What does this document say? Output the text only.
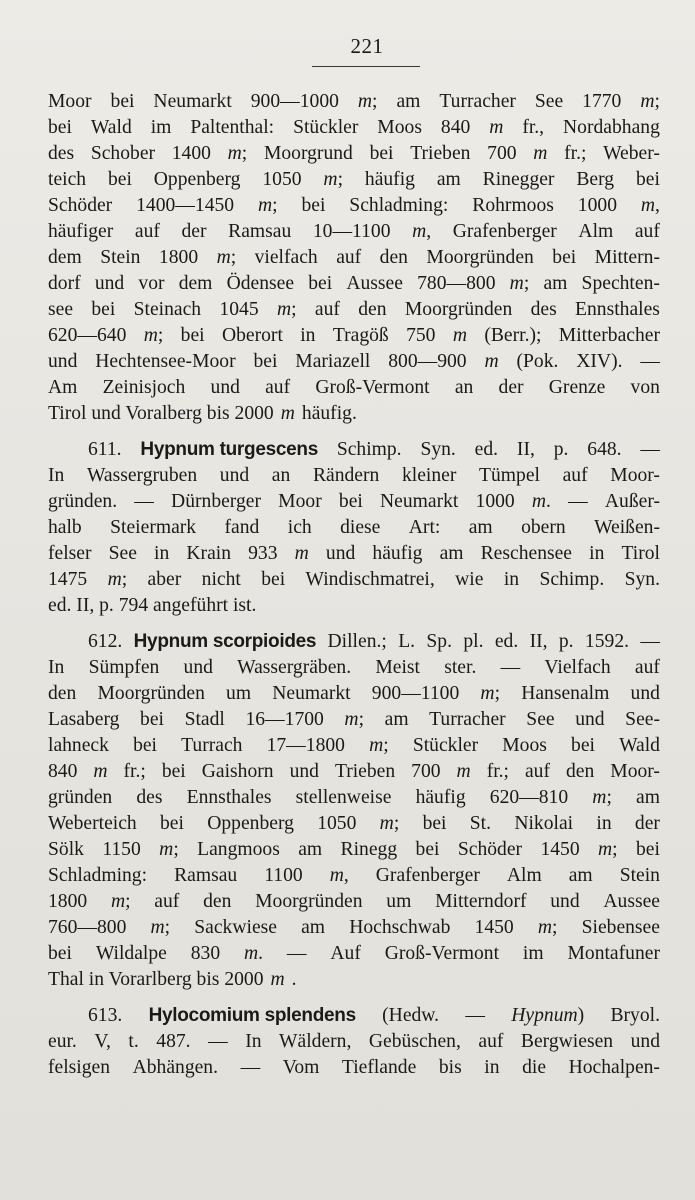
221
Moor bei Neumarkt 900—1000 m; am Turracher See 1770 m;
bei Wald im Paltenthal: Stückler Moos 840 m fr., Nordabhang
des Schober 1400 m; Moorgrund bei Trieben 700 m fr.; Weber-
teich bei Oppenberg 1050 m; häufig am Rinegger Berg bei
Schöder 1400—1450 m; bei Schladming: Rohrmoos 1000 m,
häufiger auf der Ramsau 10—1100 m, Grafenberger Alm auf
dem Stein 1800 m; vielfach auf den Moorgründen bei Mittern-
dorf und vor dem Ödensee bei Aussee 780—800 m; am Spechten-
see bei Steinach 1045 m; auf den Moorgründen des Ennsthales
620—640 m; bei Oberort in Tragöß 750 m (Berr.); Mitterbacher
und Hechtensee-Moor bei Mariazell 800—900 m (Pok. XIV). —
Am Zeinisjoch und auf Groß-Vermont an der Grenze von
Tirol und Voralberg bis 2000 m häufig.
611. Hypnum turgescens Schimp. Syn. ed. II, p. 648. —
In Wassergruben und an Rändern kleiner Tümpel auf Moor-
gründen. — Dürnberger Moor bei Neumarkt 1000 m. — Außer-
halb Steiermark fand ich diese Art: am obern Weißen-
felser See in Krain 933 m und häufig am Reschensee in Tirol
1475 m; aber nicht bei Windischmatrei, wie in Schimp. Syn.
ed. II, p. 794 angeführt ist.
612. Hypnum scorpioides Dillen.; L. Sp. pl. ed. II, p. 1592. —
In Sümpfen und Wassergräben. Meist ster. — Vielfach auf
den Moorgründen um Neumarkt 900—1100 m; Hansenalm und
Lasaberg bei Stadl 16—1700 m; am Turracher See und See-
lahneck bei Turrach 17—1800 m; Stückler Moos bei Wald
840 m fr.; bei Gaishorn und Trieben 700 m fr.; auf den Moor-
gründen des Ennsthales stellenweise häufig 620—810 m; am
Weberteich bei Oppenberg 1050 m; bei St. Nikolai in der
Sölk 1150 m; Langmoos am Rinegg bei Schöder 1450 m; bei
Schladming: Ramsau 1100 m, Grafenberger Alm am Stein
1800 m; auf den Moorgründen um Mitterndorf und Aussee
760—800 m; Sackwiese am Hochschwab 1450 m; Siebensee
bei Wildalpe 830 m. — Auf Groß-Vermont im Montafuner
Thal in Vorarlberg bis 2000 m .
613. Hylocomium splendens (Hedw. — Hypnum) Bryol.
eur. V, t. 487. — In Wäldern, Gebüschen, auf Bergwiesen und
felsigen Abhängen. — Vom Tieflande bis in die Hochalpen-
